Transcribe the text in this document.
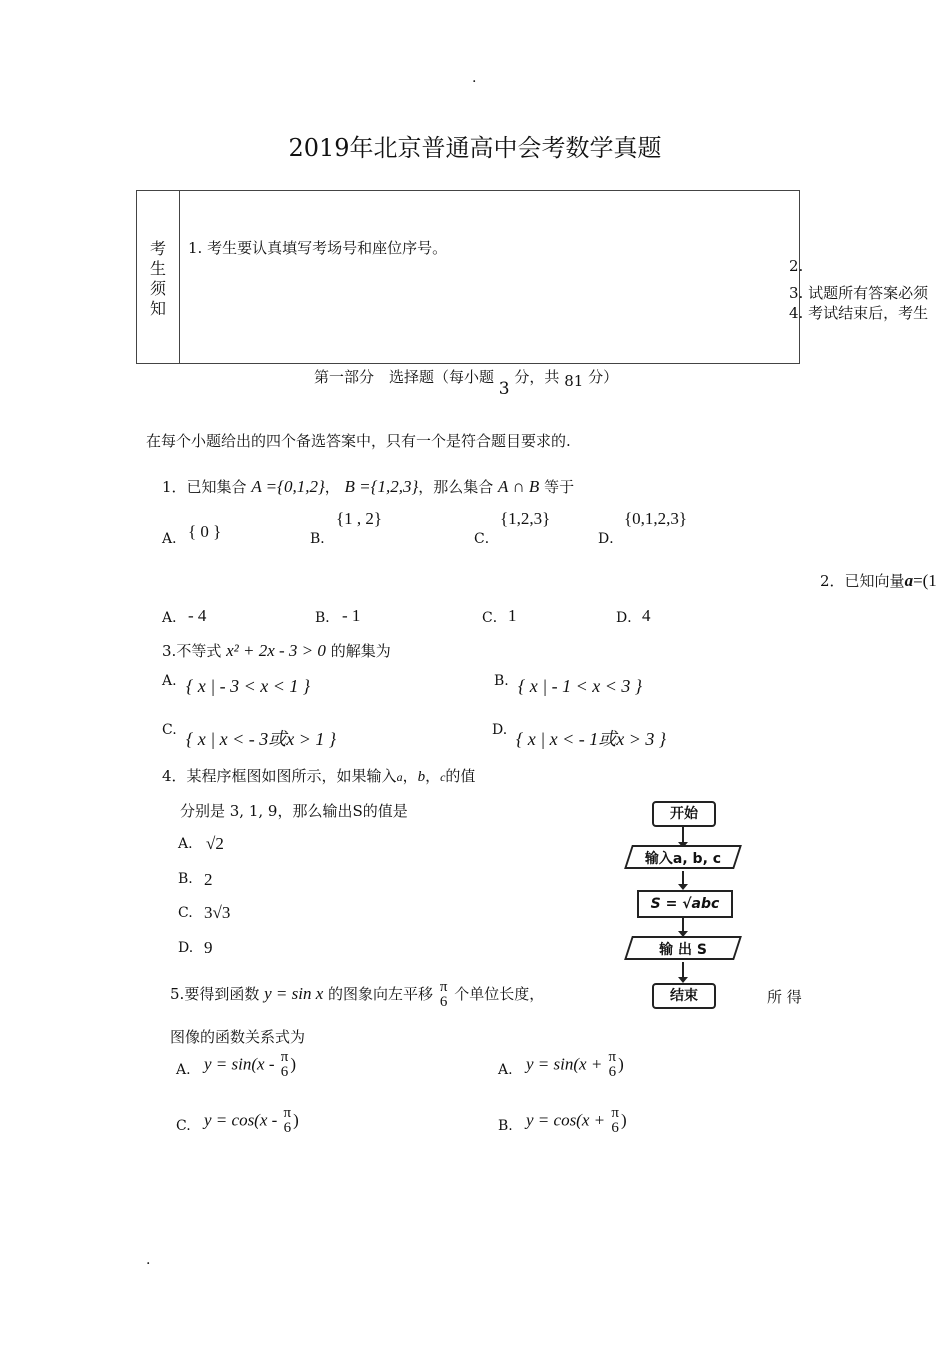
.
2019年北京普通高中会考数学真题
考
生
须
知
1. 考生要认真填写考场号和座位序号。
2.
3. 试题所有答案必须
4. 考试结束后，考生
第一部分　选择题（每小题 3 分，共 81 分）
在每个小题给出的四个备选答案中，只有一个是符合题目要求的.
1．已知集合 A ={0,1,2}， B ={1,2,3}，那么集合 A ∩ B 等于
A． { 0 }	B．
{1 , 2}
C．
{1,2,3}
D．
{0,1,2,3}
2．已知向量a=(1
A． - 4	B． - 1	C． 1	D． 4
3.不等式 x² + 2x - 3 > 0 的解集为
A. { x | - 3 < x < 1 }	B. { x | - 1 < x < 3 }
C. { x | x < - 3或x > 1 }	D. { x | x < - 1或x > 3 }
4．某程序框图如图所示，如果输入a，b，c的值
分别是 3, 1, 9，那么输出S的值是
A. √2
B. 2
C. 3√3
D. 9
开始
输入a, b, c
S = √abc
输 出 S
结束
5.要得到函数 y = sin x 的图象向左平移 π
6 个单位长度，	所 得
图像的函数关系式为
A. y = sin(x - π
6 )	A. y = sin(x + π
6 )
C. y = cos(x - π
6 )	B. y = cos(x + π
6 )
.
